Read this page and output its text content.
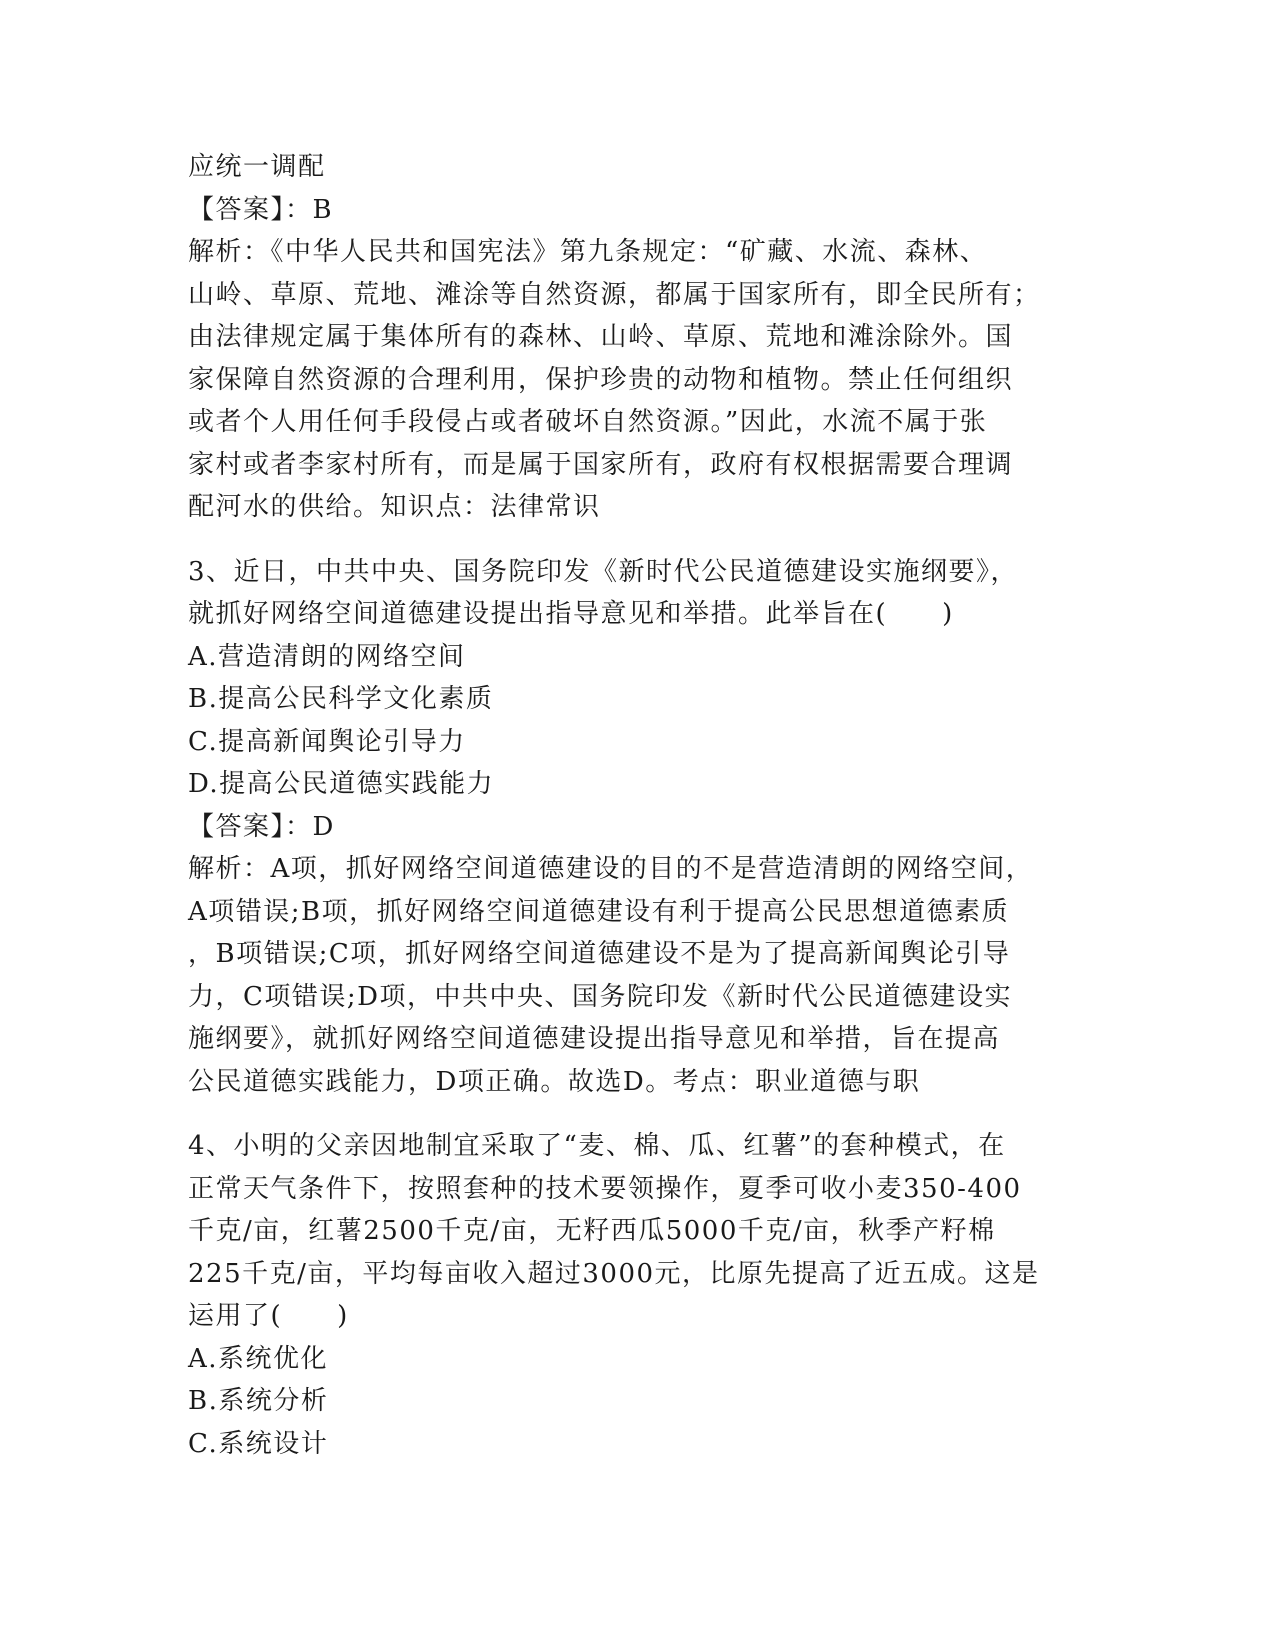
应统一调配
【答案】：B
解析：《中华人民共和国宪法》第九条规定：“矿藏、水流、森林、
山岭、草原、荒地、滩涂等自然资源，都属于国家所有，即全民所有；
由法律规定属于集体所有的森林、山岭、草原、荒地和滩涂除外。国
家保障自然资源的合理利用，保护珍贵的动物和植物。禁止任何组织
或者个人用任何手段侵占或者破坏自然资源。”因此，水流不属于张
家村或者李家村所有，而是属于国家所有，政府有权根据需要合理调
配河水的供给。知识点：法律常识
3、近日，中共中央、国务院印发《新时代公民道德建设实施纲要》，
就抓好网络空间道德建设提出指导意见和举措。此举旨在(　　)
A.营造清朗的网络空间
B.提高公民科学文化素质
C.提高新闻舆论引导力
D.提高公民道德实践能力
【答案】：D
解析：A项，抓好网络空间道德建设的目的不是营造清朗的网络空间，
A项错误;B项，抓好网络空间道德建设有利于提高公民思想道德素质
，B项错误;C项，抓好网络空间道德建设不是为了提高新闻舆论引导
力，C项错误;D项，中共中央、国务院印发《新时代公民道德建设实
施纲要》，就抓好网络空间道德建设提出指导意见和举措，旨在提高
公民道德实践能力，D项正确。故选D。考点：职业道德与职
4、小明的父亲因地制宜采取了“麦、棉、瓜、红薯”的套种模式，在
正常天气条件下，按照套种的技术要领操作，夏季可收小麦350-400
千克/亩，红薯2500千克/亩，无籽西瓜5000千克/亩，秋季产籽棉
225千克/亩，平均每亩收入超过3000元，比原先提高了近五成。这是
运用了(　　)
A.系统优化
B.系统分析
C.系统设计
